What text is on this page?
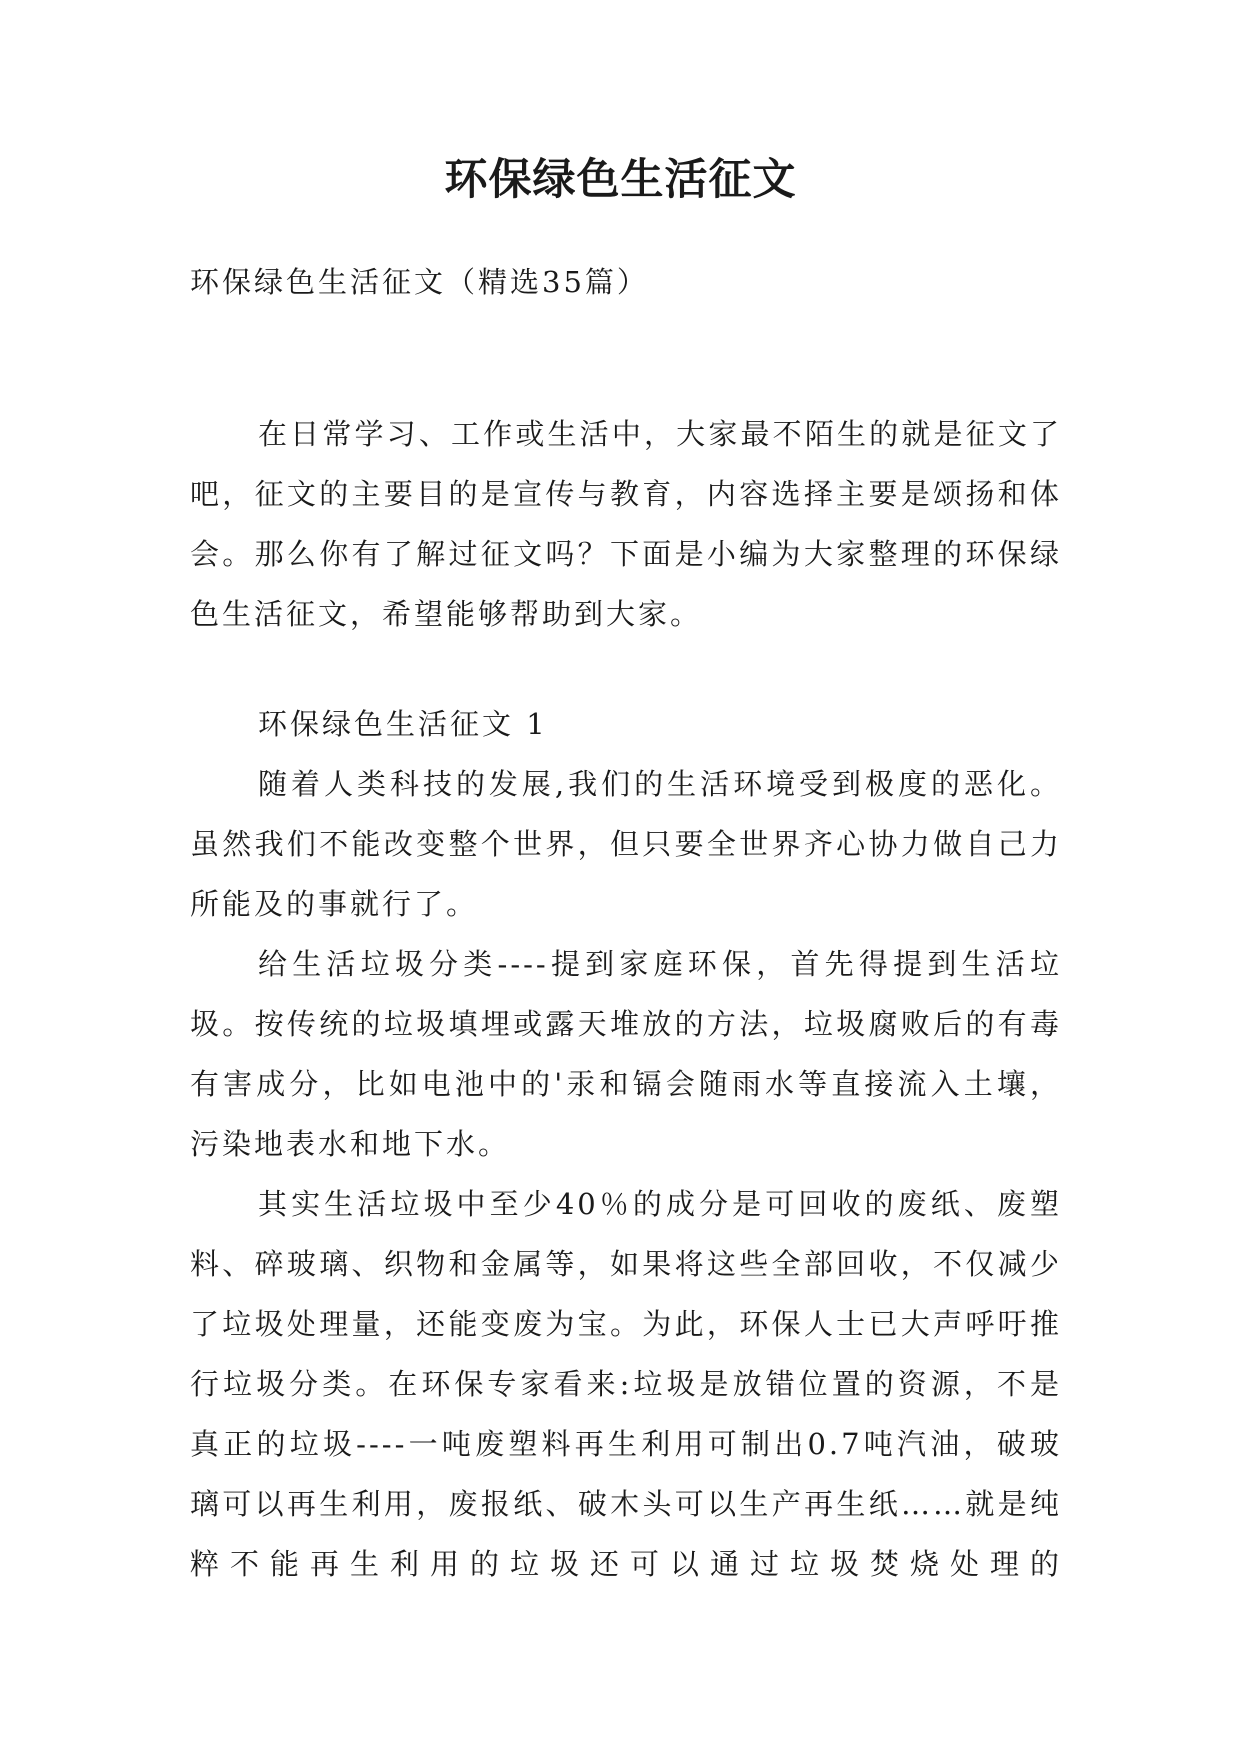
环保绿色生活征文

环保绿色生活征文（精选35篇）

在日常学习、工作或生活中，大家最不陌生的就是征文了吧，征文的主要目的是宣传与教育，内容选择主要是颂扬和体会。那么你有了解过征文吗？下面是小编为大家整理的环保绿色生活征文，希望能够帮助到大家。

环保绿色生活征文 1

随着人类科技的发展,我们的生活环境受到极度的恶化。虽然我们不能改变整个世界，但只要全世界齐心协力做自己力所能及的事就行了。

给生活垃圾分类----提到家庭环保，首先得提到生活垃圾。按传统的垃圾填埋或露天堆放的方法，垃圾腐败后的有毒有害成分，比如电池中的'汞和镉会随雨水等直接流入土壤，污染地表水和地下水。

其实生活垃圾中至少40％的成分是可回收的废纸、废塑料、碎玻璃、织物和金属等，如果将这些全部回收，不仅减少了垃圾处理量，还能变废为宝。为此，环保人士已大声呼吁推行垃圾分类。在环保专家看来:垃圾是放错位置的资源，不是真正的垃圾----一吨废塑料再生利用可制出0.7吨汽油，破玻璃可以再生利用，废报纸、破木头可以生产再生纸……就是纯粹不能再生利用的垃圾还可以通过垃圾焚烧处理的
